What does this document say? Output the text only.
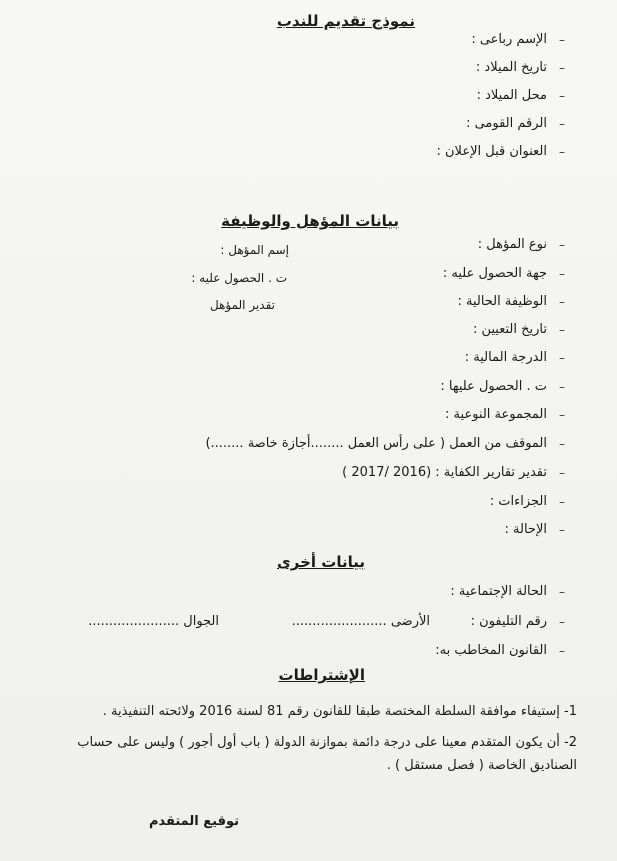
نموذج تقديم للندب
–
الإسم رباعى :
–
تاريخ الميلاد :
–
محل الميلاد :
–
الرقم القومى :
–
العنوان قبل الإعلان :
بيانات المؤهل والوظيفة
–
نوع المؤهل :
–
جهة الحصول عليه :
–
الوظيفة الحالية :
–
تاريخ التعيين :
–
الدرجة المالية :
–
ت . الحصول عليها :
–
المجموعة النوعية :
–
الموقف من العمل ( على رأس العمل ........أجازة خاصة ........)
–
تقدير تقارير الكفاية : (2016 /2017 )
–
الجزاءات :
–
الإحالة :
إسم المؤهل :
ت . الحصول عليه :
تقدير المؤهل
بيانات أخرى
–
الحالة الإجتماعية :
–
رقم التليفون :
الأرضى .......................
الجوال ......................
–
القانون المخاطب به:
الإشتراطات
1- إستيفاء موافقة السلطة المختصة طبقا للقانون رقم 81 لسنة 2016 ولائحته التنفيذية .
2- أن يكون المتقدم معينا على درجة دائمة بموازنة الدولة ( باب أول أجور ) وليس على حساب الصناديق الخاصة ( فصل مستقل ) .
توقيع المتقدم
